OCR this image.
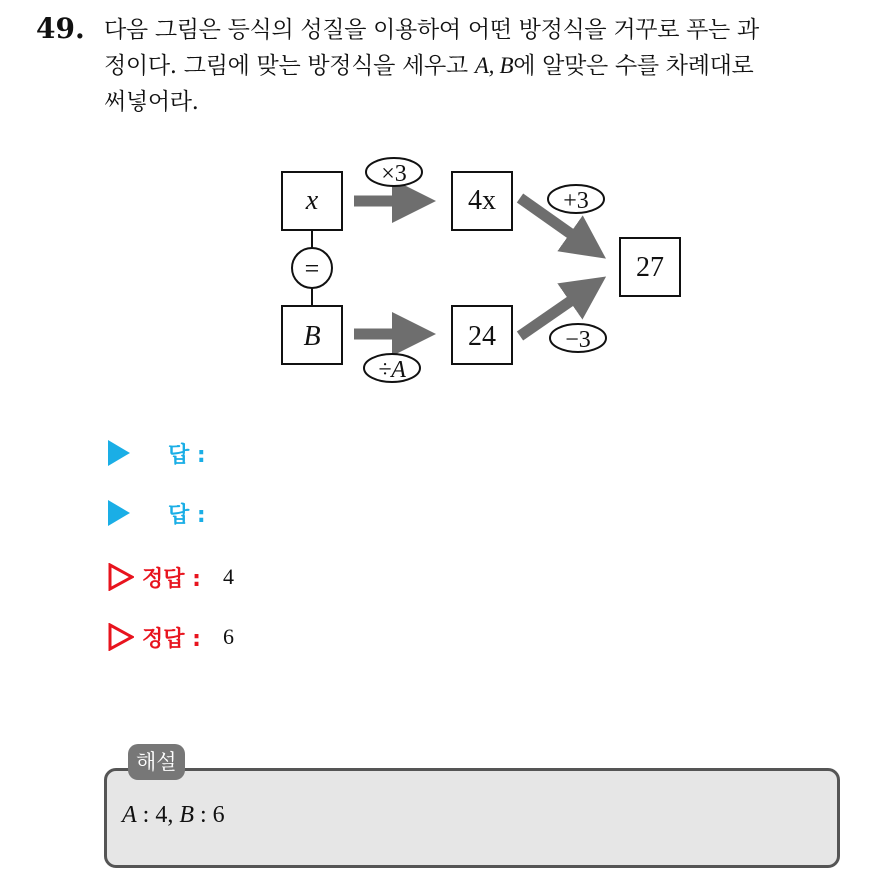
49. 다음 그림은 등식의 성질을 이용하여 어떤 방정식을 거꾸로 푸는 과
정이다. 그림에 맞는 방정식을 세우고 A, B에 알맞은 수를 차례대로
써넣어라.
=
x
B
4x
24
27
×3
÷A
+3
−3
답 :
답 :
정답 : 4
정답 : 6
해설
A : 4, B : 6
